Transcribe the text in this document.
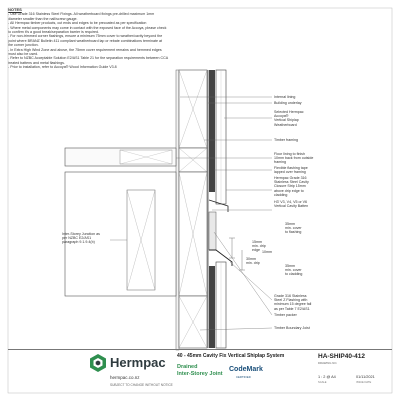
NOTES
- Use Grade 316 Stainless Steel Fixings. All weatherboard fixings pre-drilled maximum 1mm
diameter smaller than the nail/screw gauge.
- All Hermpac timber products, cut ends and edges to be precoated as per specification
- Where metal components may come in contact with the exposed face of the Accoya, please check
to confirm it's a good break/separation barrier is required.
- For non-trimmed corner flashings, ensure a minimum 75mm cover to weather/cavity beyond the
point where BRANZ Bulletin 411 compliant weatherboard lap or rebate combinations terminate at
the corner junction.
- In Extra High Wind Zone and above, the 75mm cover requirement remains and hemmed edges
must also be used.
- Refer to NZBC Acceptable Solution E2/AS1 Table 21 for the separation requirements between CCA
treated battens and metal flashings.
- Prior to installation, refer to Accoya® Wood Information Guide V3.8
Internal lining
Building underlay
Selected Hermpac
Accoya®
Vertical Shiplap
Weatherboard
Timber framing
Floor lining to finish
10mm back from outside
framing
Flexible flashing tape
lapped over framing
Hermpac Grade 316
Stainless Steel Cavity
Closure Strip 15mm
above drip edge to
cladding
H3' V3, V4, V5 or V6
Vertical Cavity Batten
35mm
min. cover
to flashing
15mm
min. drip
edge 10mm
30mm
min. drip
35mm
min. cover
to cladding
Grade 316 Stainless
Steel Z Flashing with
minimum 15 degree fall
as per Table 7 E2/AS1
Timber packer
Timber Boundary Joist
Inter-Storey Junction as
per NZBC E2/AS1
paragraph 9.1.9.4(b)
Hermpac
hermpac.co.nz
SUBJECT TO CHANGE WITHOUT NOTICE
40 - 45mm Cavity Fix Vertical Shiplap System
Drained
Inter-Storey Joint
CodeMark
CERTIFIED
HA-SHIP40-412
DRAWING NO.
1 : 2 @ A4
SCALE
01/11/2021
ISSUE DATE
